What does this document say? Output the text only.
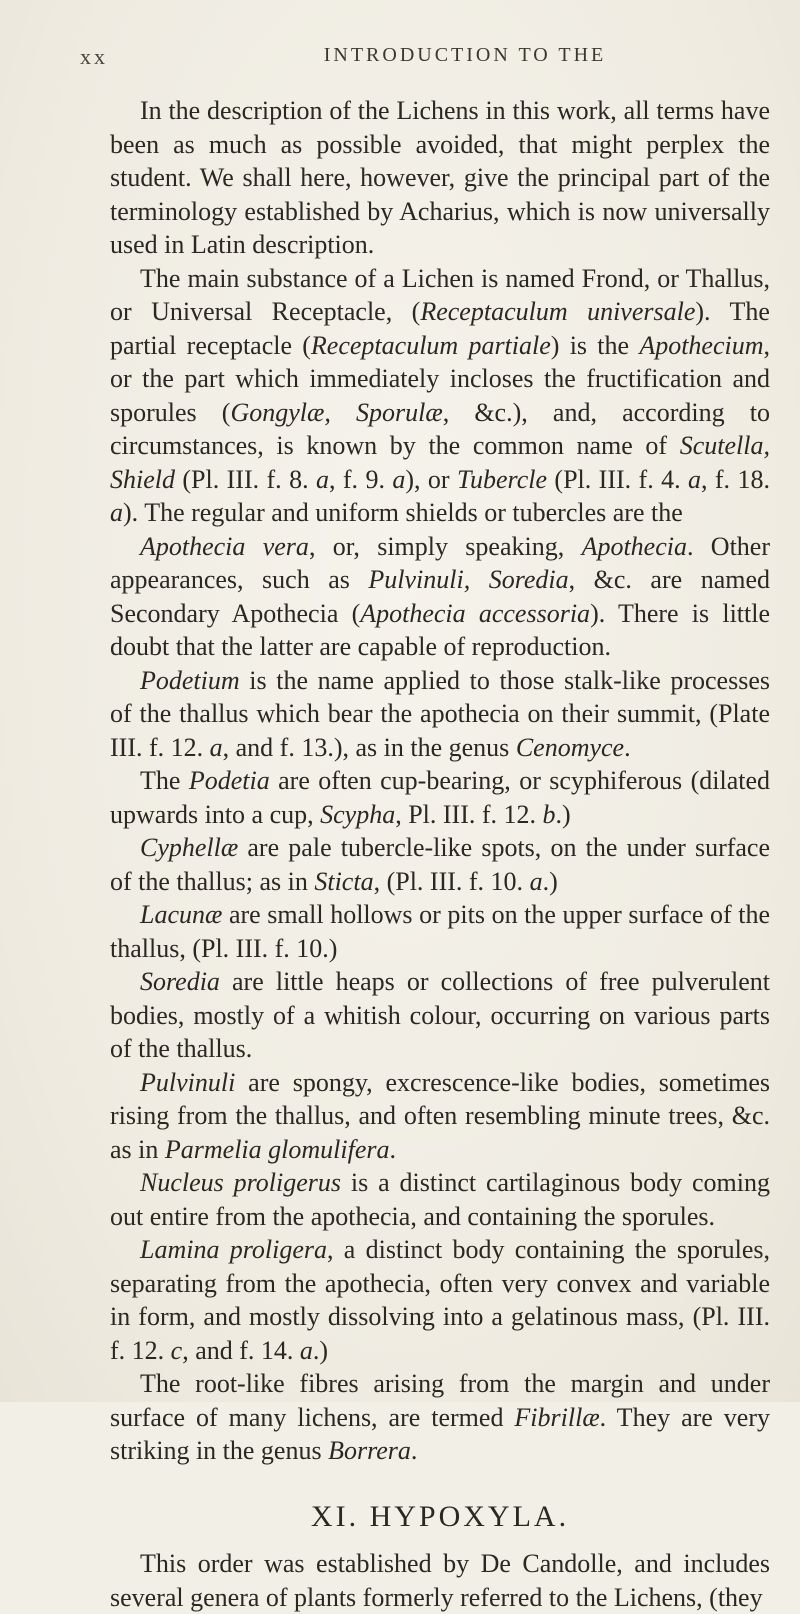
xx	INTRODUCTION TO THE

In the description of the Lichens in this work, all terms have been as much as possible avoided, that might perplex the student. We shall here, however, give the principal part of the terminology established by Acharius, which is now universally used in Latin description.

The main substance of a Lichen is named Frond, or Thallus, or Universal Receptacle, (Receptaculum universale). The partial receptacle (Receptaculum partiale) is the Apothecium, or the part which immediately incloses the fructification and sporules (Gongylæ, Sporulæ, &c.), and, according to circumstances, is known by the common name of Scutella, Shield (Pl. III. f. 8. a, f. 9. a), or Tubercle (Pl. III. f. 4. a, f. 18. a). The regular and uniform shields or tubercles are the

Apothecia vera, or, simply speaking, Apothecia. Other appearances, such as Pulvinuli, Soredia, &c. are named Secondary Apothecia (Apothecia accessoria). There is little doubt that the latter are capable of reproduction.

Podetium is the name applied to those stalk-like processes of the thallus which bear the apothecia on their summit, (Plate III. f. 12. a, and f. 13.), as in the genus Cenomyce.

The Podetia are often cup-bearing, or scyphiferous (dilated upwards into a cup, Scypha, Pl. III. f. 12. b.)

Cyphellæ are pale tubercle-like spots, on the under surface of the thallus; as in Sticta, (Pl. III. f. 10. a.)

Lacunæ are small hollows or pits on the upper surface of the thallus, (Pl. III. f. 10.)

Soredia are little heaps or collections of free pulverulent bodies, mostly of a whitish colour, occurring on various parts of the thallus.

Pulvinuli are spongy, excrescence-like bodies, sometimes rising from the thallus, and often resembling minute trees, &c. as in Parmelia glomulifera.

Nucleus proligerus is a distinct cartilaginous body coming out entire from the apothecia, and containing the sporules.

Lamina proligera, a distinct body containing the sporules, separating from the apothecia, often very convex and variable in form, and mostly dissolving into a gelatinous mass, (Pl. III. f. 12. c, and f. 14. a.)

The root-like fibres arising from the margin and under surface of many lichens, are termed Fibrillæ. They are very striking in the genus Borrera.

XI. HYPOXYLA.

This order was established by De Candolle, and includes several genera of plants formerly referred to the Lichens, (they
